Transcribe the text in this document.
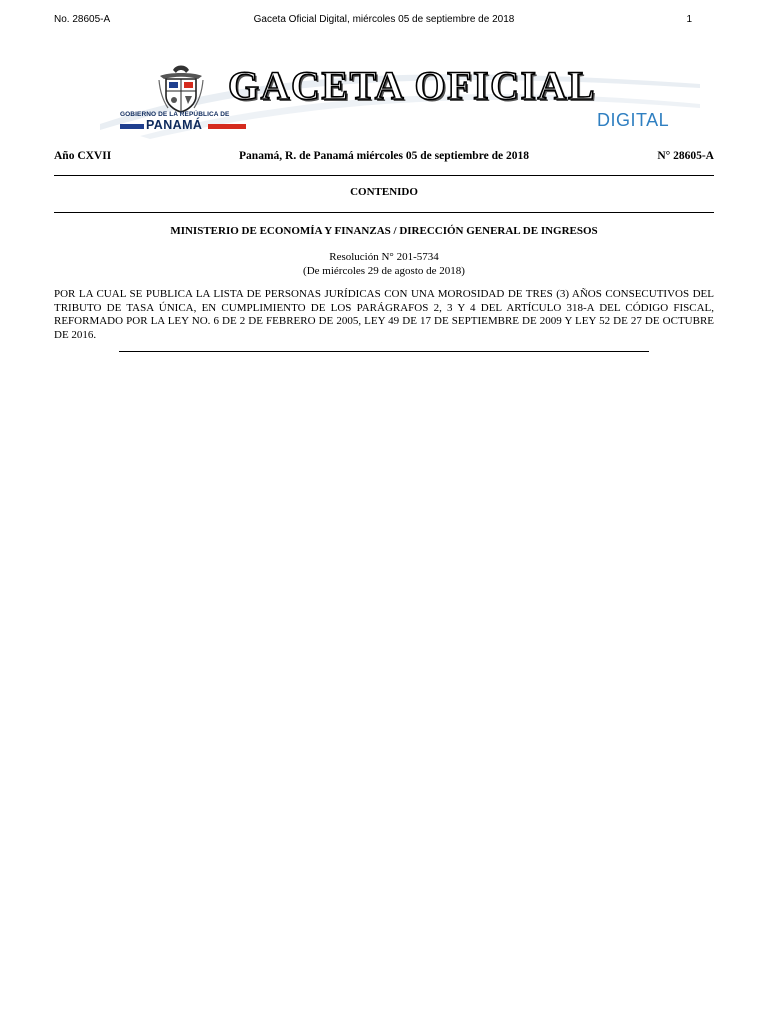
No. 28605-A	Gaceta Oficial Digital, miércoles 05 de septiembre de 2018	1
GOBIERNO DE LA REPÚBLICA DE
PANAMÁ
GACETA OFICIAL
DIGITAL
Año CXVII	Panamá, R. de Panamá miércoles 05 de septiembre de 2018	N° 28605-A
CONTENIDO
MINISTERIO DE ECONOMÍA Y FINANZAS / DIRECCIÓN GENERAL DE INGRESOS
Resolución N° 201-5734
(De miércoles 29 de agosto de 2018)
POR LA CUAL SE PUBLICA LA LISTA DE PERSONAS JURÍDICAS CON UNA MOROSIDAD DE TRES (3) AÑOS CONSECUTIVOS DEL TRIBUTO DE TASA ÚNICA, EN CUMPLIMIENTO DE LOS PARÁGRAFOS 2, 3 Y 4 DEL ARTÍCULO 318-A DEL CÓDIGO FISCAL, REFORMADO POR LA LEY NO. 6 DE 2 DE FEBRERO DE 2005, LEY 49 DE 17 DE SEPTIEMBRE DE 2009 Y LEY 52 DE 27 DE OCTUBRE DE 2016.
